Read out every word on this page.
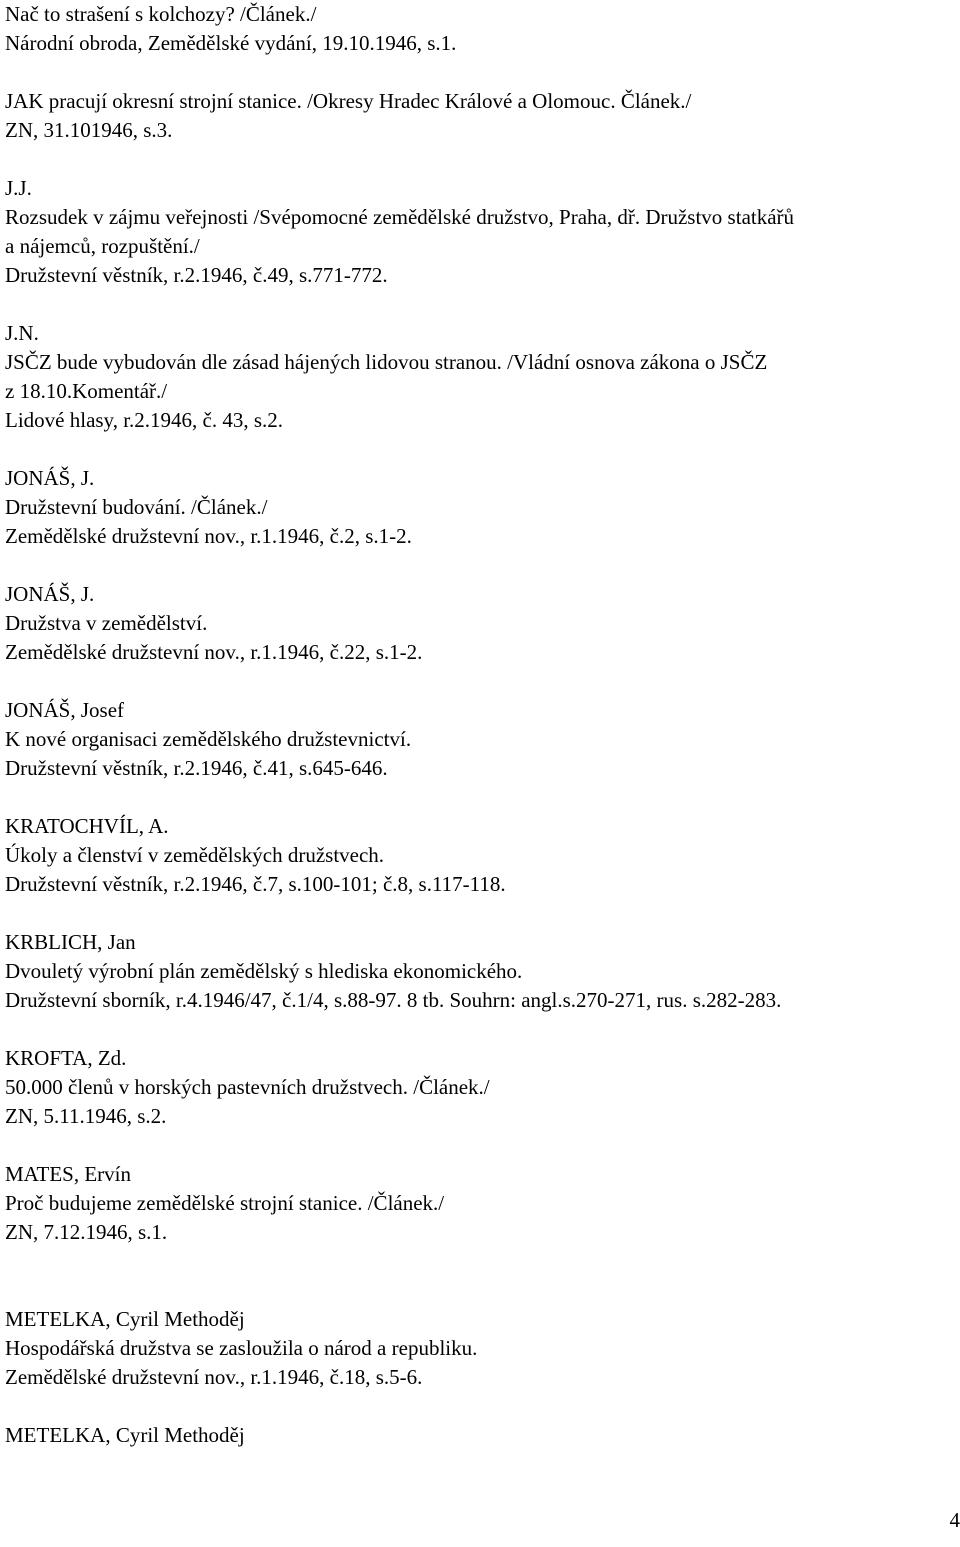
Nač to strašení s kolchozy? /Článek./
Národní obroda, Zemědělské vydání, 19.10.1946, s.1.
JAK pracují okresní strojní stanice. /Okresy Hradec Králové a Olomouc. Článek./
ZN, 31.101946, s.3.
J.J.
Rozsudek v zájmu veřejnosti /Svépomocné zemědělské družstvo, Praha, dř. Družstvo statkářů
a nájemců, rozpuštění./
Družstevní věstník, r.2.1946, č.49, s.771-772.
J.N.
JSČZ bude vybudován dle zásad hájených lidovou stranou. /Vládní osnova zákona o JSČZ
z 18.10.Komentář./
Lidové hlasy, r.2.1946, č. 43, s.2.
JONÁŠ, J.
Družstevní budování. /Článek./
Zemědělské družstevní nov., r.1.1946, č.2, s.1-2.
JONÁŠ, J.
Družstva v zemědělství.
Zemědělské družstevní nov., r.1.1946, č.22, s.1-2.
JONÁŠ, Josef
K nové organisaci zemědělského družstevnictví.
Družstevní věstník, r.2.1946, č.41, s.645-646.
KRATOCHVÍL, A.
Úkoly a členství v zemědělských družstvech.
Družstevní věstník, r.2.1946, č.7, s.100-101; č.8, s.117-118.
KRBLICH, Jan
Dvouletý výrobní plán zemědělský s hlediska ekonomického.
Družstevní sborník, r.4.1946/47, č.1/4, s.88-97. 8 tb. Souhrn: angl.s.270-271, rus. s.282-283.
KROFTA, Zd.
50.000 členů v horských pastevních družstvech. /Článek./
ZN, 5.11.1946, s.2.
MATES, Ervín
Proč budujeme zemědělské strojní stanice. /Článek./
ZN, 7.12.1946, s.1.
METELKA, Cyril Methoděj
Hospodářská družstva se zasloužila o národ a republiku.
Zemědělské družstevní nov., r.1.1946, č.18, s.5-6.
METELKA, Cyril Methoděj
4
